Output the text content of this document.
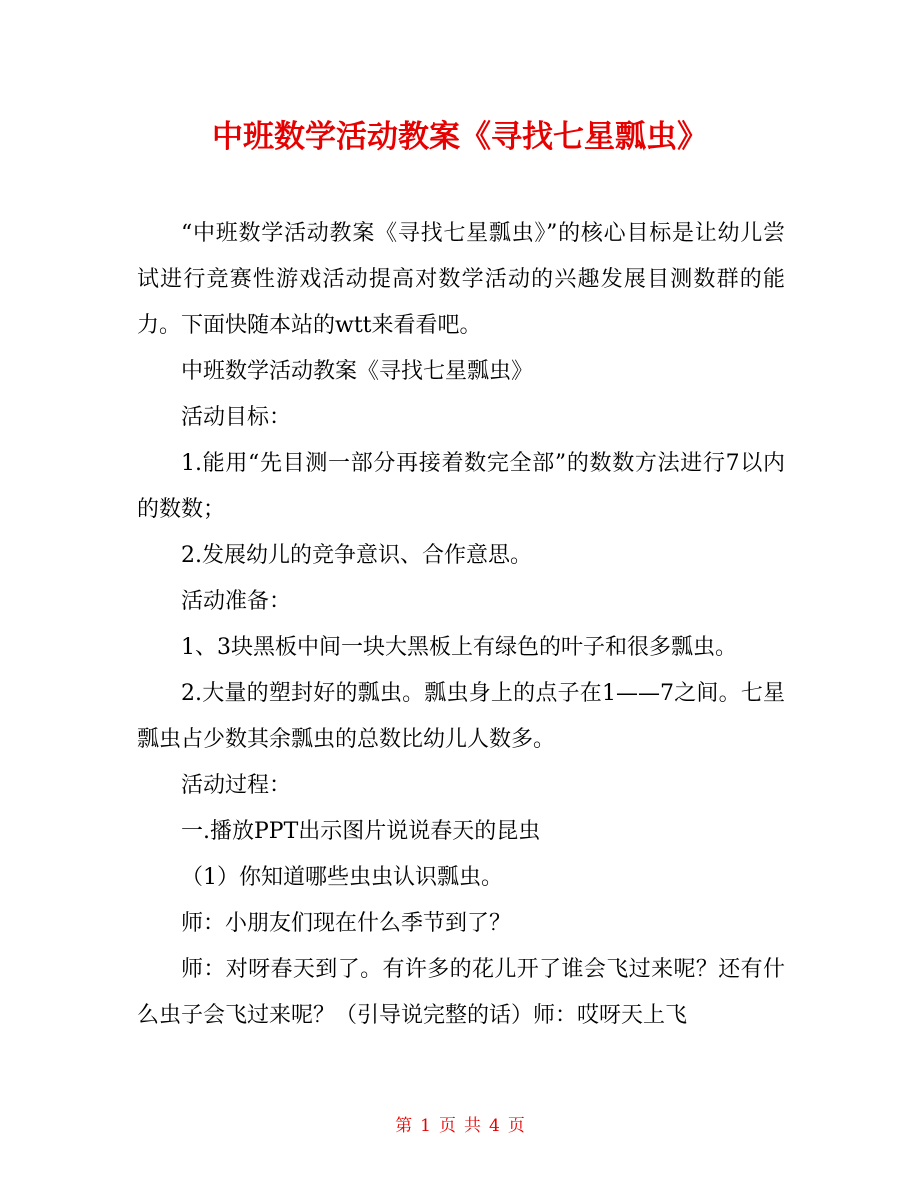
中班数学活动教案《寻找七星瓢虫》

“中班数学活动教案《寻找七星瓢虫》”的核心目标是让幼儿尝试进行竞赛性游戏活动提高对数学活动的兴趣发展目测数群的能力。下面快随本站的wtt来看看吧。

中班数学活动教案《寻找七星瓢虫》

活动目标：

1.能用“先目测一部分再接着数完全部”的数数方法进行7以内的数数；

2.发展幼儿的竞争意识、合作意思。

活动准备：

1、3块黑板中间一块大黑板上有绿色的叶子和很多瓢虫。

2.大量的塑封好的瓢虫。瓢虫身上的点子在1——7之间。七星瓢虫占少数其余瓢虫的总数比幼儿人数多。

活动过程：

一.播放PPT出示图片说说春天的昆虫

（1）你知道哪些虫虫认识瓢虫。

师：小朋友们现在什么季节到了？

师：对呀春天到了。有许多的花儿开了谁会飞过来呢？还有什么虫子会飞过来呢？（引导说完整的话）师：哎呀天上飞

第 1 页 共 4 页
